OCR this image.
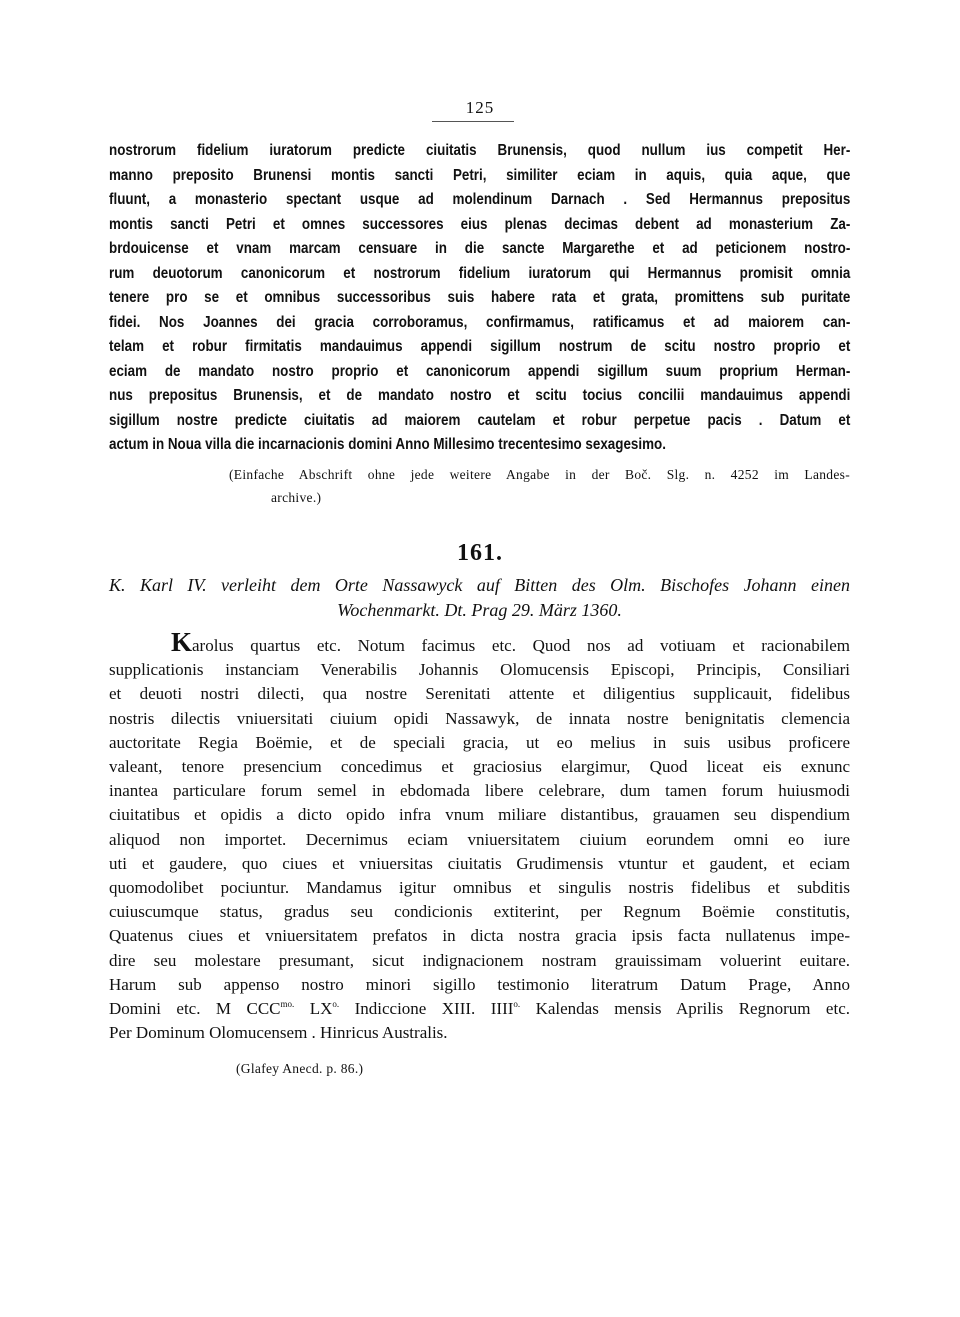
125
nostrorum fidelium iuratorum predicte ciuitatis Brunensis, quod nullum ius competit Her-
manno preposito Brunensi montis sancti Petri, similiter eciam in aquis, quia aque, que
fluunt, a monasterio spectant usque ad molendinum Darnach . Sed Hermannus prepositus
montis sancti Petri et omnes successores eius plenas decimas debent ad monasterium Za-
brdouicense et vnam marcam censuare in die sancte Margarethe et ad peticionem nostro-
rum deuotorum canonicorum et nostrorum fidelium iuratorum qui Hermannus promisit omnia
tenere pro se et omnibus successoribus suis habere rata et grata, promittens sub puritate
fidei. Nos Joannes dei gracia corroboramus, confirmamus, ratificamus et ad maiorem can-
telam et robur firmitatis mandauimus appendi sigillum nostrum de scitu nostro proprio et
eciam de mandato nostro proprio et canonicorum appendi sigillum suum proprium Herman-
nus prepositus Brunensis, et de mandato nostro et scitu tocius concilii mandauimus appendi
sigillum nostre predicte ciuitatis ad maiorem cautelam et robur perpetue pacis . Datum et
actum in Noua villa die incarnacionis domini Anno Millesimo trecentesimo sexagesimo.
(Einfache Abschrift ohne jede weitere Angabe in der Boč. Slg. n. 4252 im Landes-
archive.)
161.
K. Karl IV. verleiht dem Orte Nassawyck auf Bitten des Olm. Bischofes Johann einen
Wochenmarkt. Dt. Prag 29. März 1360.
Karolus quartus etc. Notum facimus etc. Quod nos ad votiuam et racionabilem
supplicationis instanciam Venerabilis Johannis Olomucensis Episcopi, Principis, Consiliari
et deuoti nostri dilecti, qua nostre Serenitati attente et diligentius supplicauit, fidelibus
nostris dilectis vniuersitati ciuium opidi Nassawyk, de innata nostre benignitatis clemencia
auctoritate Regia Boëmie, et de speciali gracia, ut eo melius in suis usibus proficere
valeant, tenore presencium concedimus et graciosius elargimur, Quod liceat eis exnunc
inantea particulare forum semel in ebdomada libere celebrare, dum tamen forum huiusmodi
ciuitatibus et opidis a dicto opido infra vnum miliare distantibus, grauamen seu dispendium
aliquod non importet. Decernimus eciam vniuersitatem ciuium eorundem omni eo iure
uti et gaudere, quo ciues et vniuersitas ciuitatis Grudimensis vtuntur et gaudent, et eciam
quomodolibet pociuntur. Mandamus igitur omnibus et singulis nostris fidelibus et subditis
cuiuscumque status, gradus seu condicionis extiterint, per Regnum Boëmie constitutis,
Quatenus ciues et vniuersitatem prefatos in dicta nostra gracia ipsis facta nullatenus impe-
dire seu molestare presumant, sicut indignacionem nostram grauissimam voluerint euitare.
Harum sub appenso nostro minori sigillo testimonio literatrum Datum Prage, Anno
Domini etc. M $CCC^{mo.}$ $LX^{o.}$ Indiccione XIII. $IIII^{o.}$ Kalendas mensis Aprilis Regnorum etc.
Per Dominum Olomucensem . Hinricus Australis.
(Glafey Anecd. p. 86.)
